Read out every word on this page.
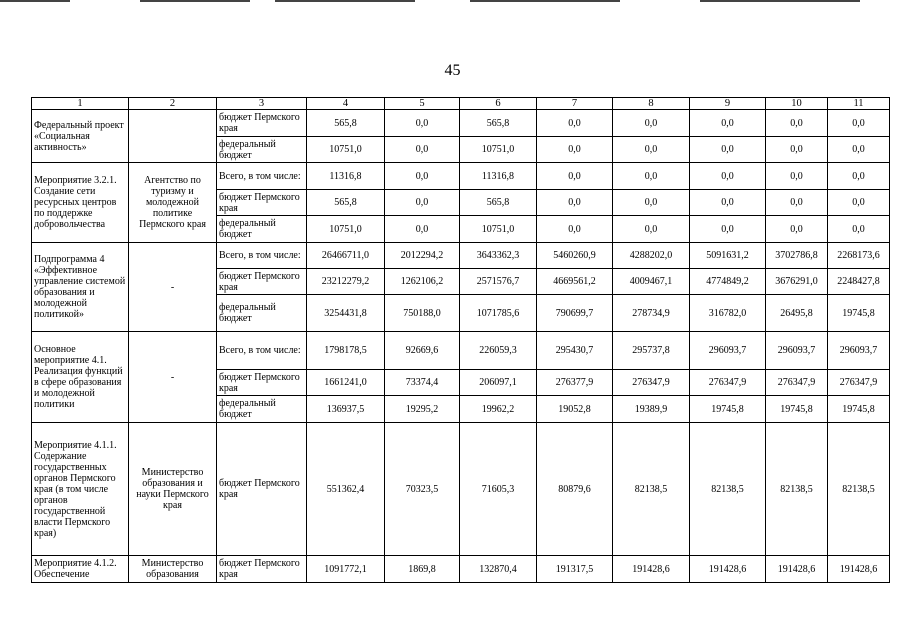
45
1	2	3	4	5	6	7	8	9	10	11
Федеральный проект «Социальная активность»		бюджет Пермского края	565,8	0,0	565,8	0,0	0,0	0,0	0,0	0,0
		федеральный бюджет	10751,0	0,0	10751,0	0,0	0,0	0,0	0,0	0,0
Мероприятие 3.2.1. Создание сети ресурсных центров по поддержке добровольчества	Агентство по туризму и молодежной политике Пермского края	Всего, в том числе:	11316,8	0,0	11316,8	0,0	0,0	0,0	0,0	0,0
		бюджет Пермского края	565,8	0,0	565,8	0,0	0,0	0,0	0,0	0,0
		федеральный бюджет	10751,0	0,0	10751,0	0,0	0,0	0,0	0,0	0,0
Подпрограмма 4 «Эффективное управление системой образования и молодежной политикой»	-	Всего, в том числе:	26466711,0	2012294,2	3643362,3	5460260,9	4288202,0	5091631,2	3702786,8	2268173,6
		бюджет Пермского края	23212279,2	1262106,2	2571576,7	4669561,2	4009467,1	4774849,2	3676291,0	2248427,8
		федеральный бюджет	3254431,8	750188,0	1071785,6	790699,7	278734,9	316782,0	26495,8	19745,8
Основное мероприятие 4.1. Реализация функций в сфере образования и молодежной политики	-	Всего, в том числе:	1798178,5	92669,6	226059,3	295430,7	295737,8	296093,7	296093,7	296093,7
		бюджет Пермского края	1661241,0	73374,4	206097,1	276377,9	276347,9	276347,9	276347,9	276347,9
		федеральный бюджет	136937,5	19295,2	19962,2	19052,8	19389,9	19745,8	19745,8	19745,8
Мероприятие 4.1.1. Содержание государственных органов Пермского края (в том числе органов государственной власти Пермского края)	Министерство образования и науки Пермского края	бюджет Пермского края	551362,4	70323,5	71605,3	80879,6	82138,5	82138,5	82138,5	82138,5
Мероприятие 4.1.2. Обеспечение	Министерство образования	бюджет Пермского края	1091772,1	1869,8	132870,4	191317,5	191428,6	191428,6	191428,6	191428,6
